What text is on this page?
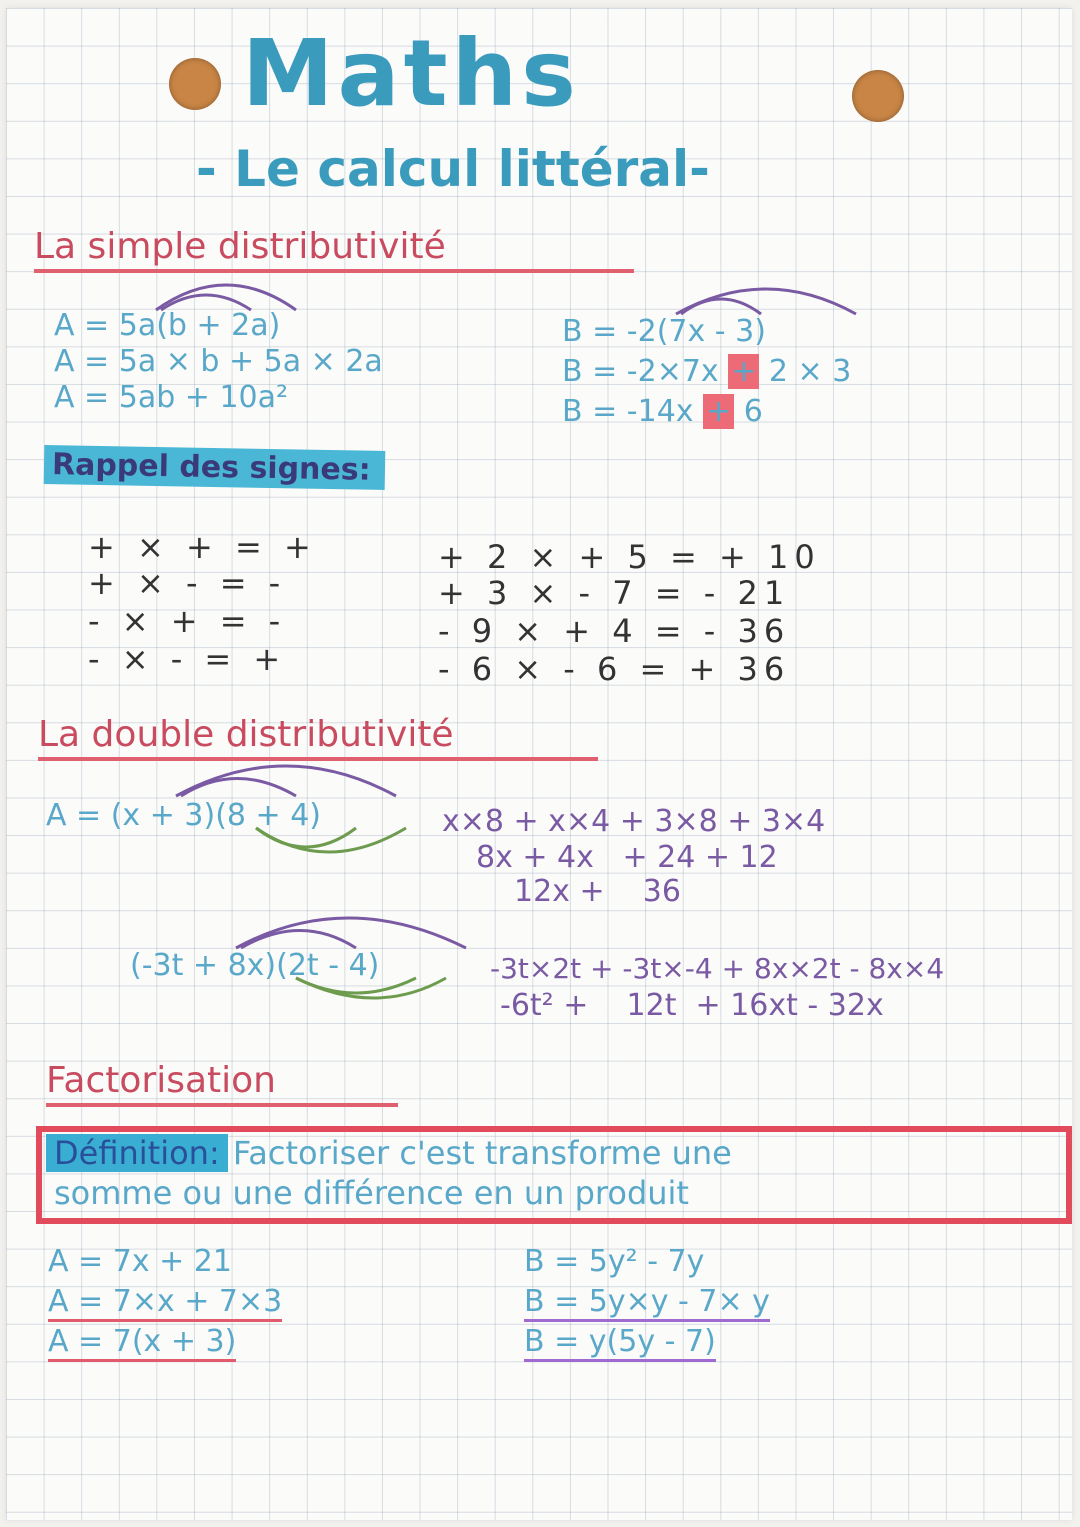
Maths
- Le calcul littéral-
La simple distributivité
A = 5a(b + 2a)
A = 5a × b + 5a × 2a
A = 5ab + 10a²
B = -2(7x - 3)
B = -2×7x + 2 × 3
B = -14x + 6
Rappel des signes:
+ × + = +
+ × - = -
- × + = -
- × - = +
+ 2 × + 5 = + 10
+ 3 × - 7 = - 21
- 9 × + 4 = - 36
- 6 × - 6 = + 36
La double distributivité
A = (x + 3)(8 + 4)	x×8 + x×4 + 3×8 + 3×4
8x + 4x   + 24 + 12
12x +    36
(-3t + 8x)(2t - 4)	-3t×2t + -3t×-4 + 8x×2t - 8x×4
-6t² +    12t  + 16xt - 32x
Factorisation
Définition: Factoriser c'est transforme une
somme ou une différence en un produit
A = 7x + 21
A = 7×x + 7×3
A = 7(x + 3)
B = 5y² - 7y
B = 5y×y - 7× y
B = y(5y - 7)
